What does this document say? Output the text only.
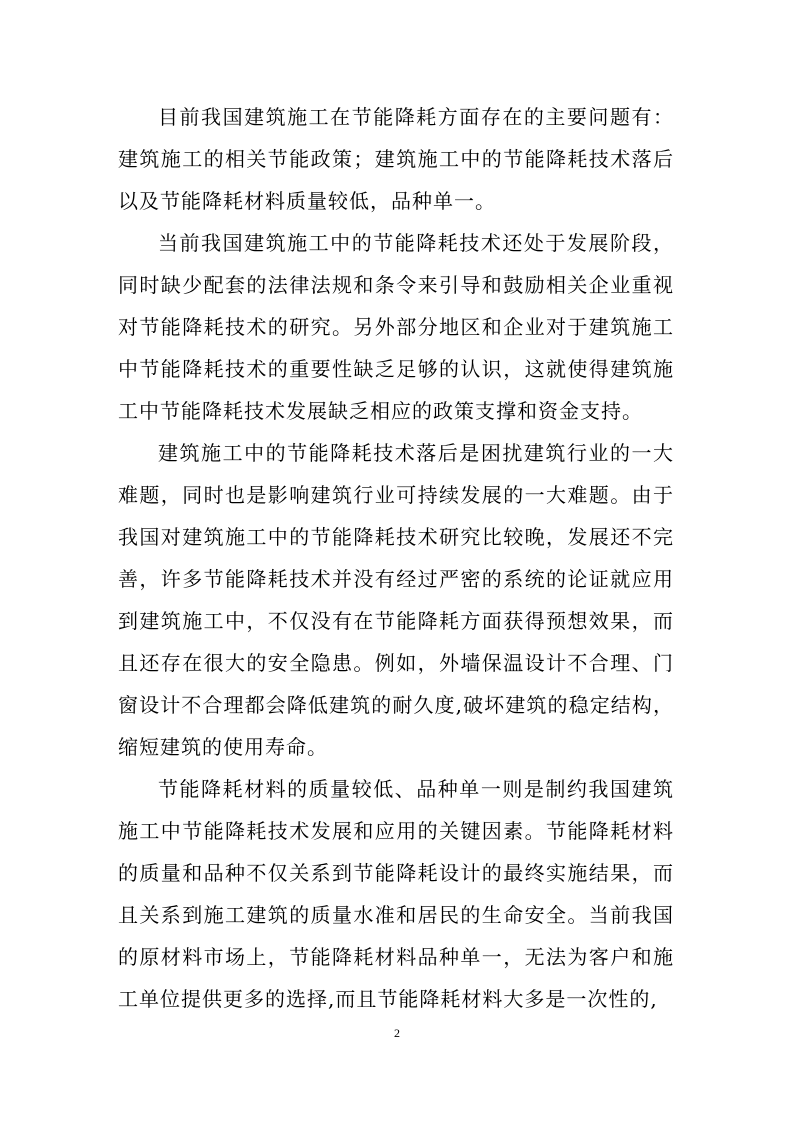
目前我国建筑施工在节能降耗方面存在的主要问题有：建筑施工的相关节能政策；建筑施工中的节能降耗技术落后以及节能降耗材料质量较低，品种单一。

当前我国建筑施工中的节能降耗技术还处于发展阶段，同时缺少配套的法律法规和条令来引导和鼓励相关企业重视对节能降耗技术的研究。另外部分地区和企业对于建筑施工中节能降耗技术的重要性缺乏足够的认识，这就使得建筑施工中节能降耗技术发展缺乏相应的政策支撑和资金支持。

建筑施工中的节能降耗技术落后是困扰建筑行业的一大难题，同时也是影响建筑行业可持续发展的一大难题。由于我国对建筑施工中的节能降耗技术研究比较晚，发展还不完善，许多节能降耗技术并没有经过严密的系统的论证就应用到建筑施工中，不仅没有在节能降耗方面获得预想效果，而且还存在很大的安全隐患。例如，外墙保温设计不合理、门窗设计不合理都会降低建筑的耐久度,破坏建筑的稳定结构，缩短建筑的使用寿命。

节能降耗材料的质量较低、品种单一则是制约我国建筑施工中节能降耗技术发展和应用的关键因素。节能降耗材料的质量和品种不仅关系到节能降耗设计的最终实施结果，而且关系到施工建筑的质量水准和居民的生命安全。当前我国的原材料市场上，节能降耗材料品种单一，无法为客户和施工单位提供更多的选择,而且节能降耗材料大多是一次性的,

2
